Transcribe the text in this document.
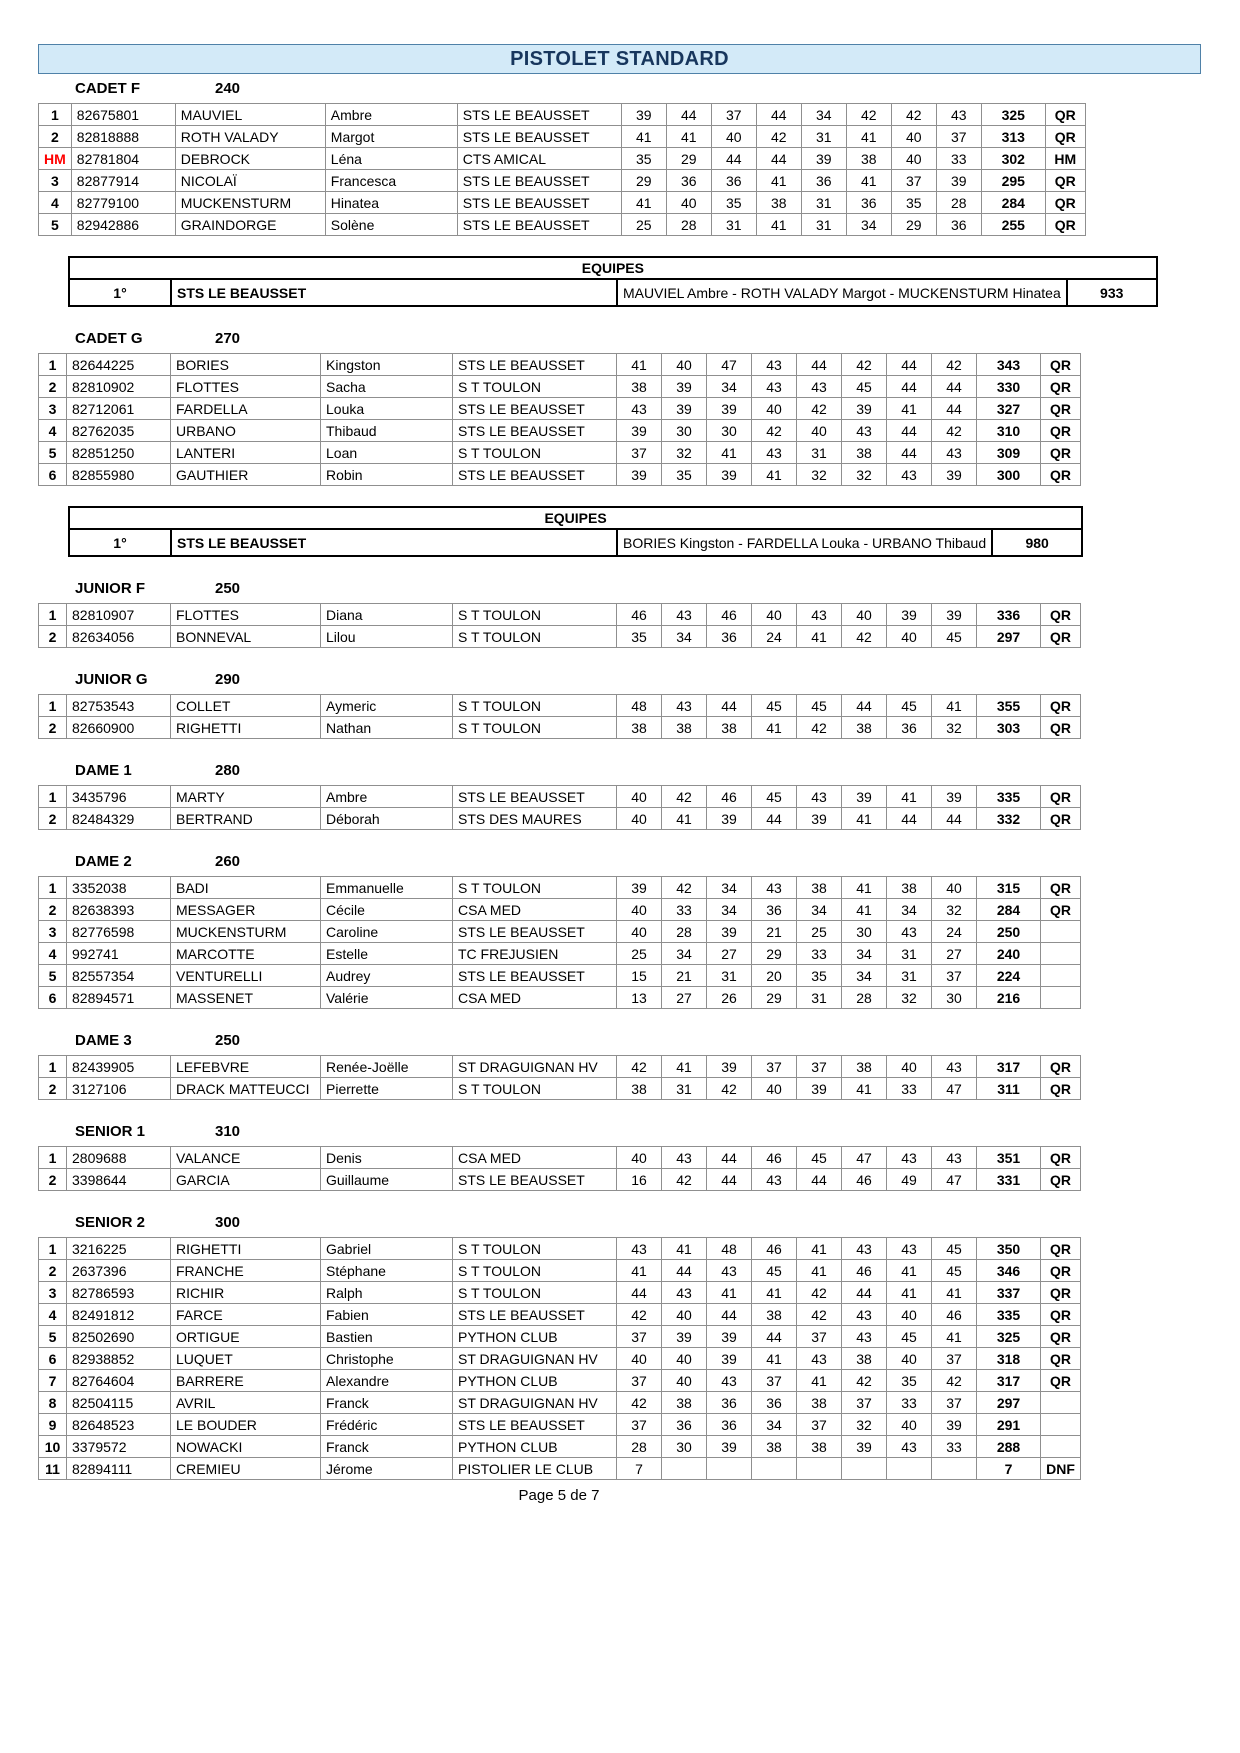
PISTOLET STANDARD
CADET F	240
1	82675801	MAUVIEL	Ambre	STS LE BEAUSSET	39	44	37	44	34	42	42	43	325	QR
2	82818888	ROTH VALADY	Margot	STS LE BEAUSSET	41	41	40	42	31	41	40	37	313	QR
HM	82781804	DEBROCK	Léna	CTS AMICAL	35	29	44	44	39	38	40	33	302	HM
3	82877914	NICOLAÏ	Francesca	STS LE BEAUSSET	29	36	36	41	36	41	37	39	295	QR
4	82779100	MUCKENSTURM	Hinatea	STS LE BEAUSSET	41	40	35	38	31	36	35	28	284	QR
5	82942886	GRAINDORGE	Solène	STS LE BEAUSSET	25	28	31	41	31	34	29	36	255	QR
EQUIPES
1°	STS LE BEAUSSET	MAUVIEL Ambre - ROTH VALADY Margot - MUCKENSTURM Hinatea	933
CADET G	270
1	82644225	BORIES	Kingston	STS LE BEAUSSET	41	40	47	43	44	42	44	42	343	QR
2	82810902	FLOTTES	Sacha	S T TOULON	38	39	34	43	43	45	44	44	330	QR
3	82712061	FARDELLA	Louka	STS LE BEAUSSET	43	39	39	40	42	39	41	44	327	QR
4	82762035	URBANO	Thibaud	STS LE BEAUSSET	39	30	30	42	40	43	44	42	310	QR
5	82851250	LANTERI	Loan	S T TOULON	37	32	41	43	31	38	44	43	309	QR
6	82855980	GAUTHIER	Robin	STS LE BEAUSSET	39	35	39	41	32	32	43	39	300	QR
EQUIPES
1°	STS LE BEAUSSET	BORIES Kingston - FARDELLA Louka - URBANO Thibaud	980
JUNIOR F	250
1	82810907	FLOTTES	Diana	S T TOULON	46	43	46	40	43	40	39	39	336	QR
2	82634056	BONNEVAL	Lilou	S T TOULON	35	34	36	24	41	42	40	45	297	QR
JUNIOR G	290
1	82753543	COLLET	Aymeric	S T TOULON	48	43	44	45	45	44	45	41	355	QR
2	82660900	RIGHETTI	Nathan	S T TOULON	38	38	38	41	42	38	36	32	303	QR
DAME 1	280
1	3435796	MARTY	Ambre	STS LE BEAUSSET	40	42	46	45	43	39	41	39	335	QR
2	82484329	BERTRAND	Déborah	STS DES MAURES	40	41	39	44	39	41	44	44	332	QR
DAME 2	260
1	3352038	BADI	Emmanuelle	S T TOULON	39	42	34	43	38	41	38	40	315	QR
2	82638393	MESSAGER	Cécile	CSA MED	40	33	34	36	34	41	34	32	284	QR
3	82776598	MUCKENSTURM	Caroline	STS LE BEAUSSET	40	28	39	21	25	30	43	24	250	
4	992741	MARCOTTE	Estelle	TC FREJUSIEN	25	34	27	29	33	34	31	27	240	
5	82557354	VENTURELLI	Audrey	STS LE BEAUSSET	15	21	31	20	35	34	31	37	224	
6	82894571	MASSENET	Valérie	CSA MED	13	27	26	29	31	28	32	30	216	
DAME 3	250
1	82439905	LEFEBVRE	Renée-Joëlle	ST DRAGUIGNAN HV	42	41	39	37	37	38	40	43	317	QR
2	3127106	DRACK MATTEUCCI	Pierrette	S T TOULON	38	31	42	40	39	41	33	47	311	QR
SENIOR 1	310
1	2809688	VALANCE	Denis	CSA MED	40	43	44	46	45	47	43	43	351	QR
2	3398644	GARCIA	Guillaume	STS LE BEAUSSET	16	42	44	43	44	46	49	47	331	QR
SENIOR 2	300
1	3216225	RIGHETTI	Gabriel	S T TOULON	43	41	48	46	41	43	43	45	350	QR
2	2637396	FRANCHE	Stéphane	S T TOULON	41	44	43	45	41	46	41	45	346	QR
3	82786593	RICHIR	Ralph	S T TOULON	44	43	41	41	42	44	41	41	337	QR
4	82491812	FARCE	Fabien	STS LE BEAUSSET	42	40	44	38	42	43	40	46	335	QR
5	82502690	ORTIGUE	Bastien	PYTHON CLUB	37	39	39	44	37	43	45	41	325	QR
6	82938852	LUQUET	Christophe	ST DRAGUIGNAN HV	40	40	39	41	43	38	40	37	318	QR
7	82764604	BARRERE	Alexandre	PYTHON CLUB	37	40	43	37	41	42	35	42	317	QR
8	82504115	AVRIL	Franck	ST DRAGUIGNAN HV	42	38	36	36	38	37	33	37	297	
9	82648523	LE BOUDER	Frédéric	STS LE BEAUSSET	37	36	36	34	37	32	40	39	291	
10	3379572	NOWACKI	Franck	PYTHON CLUB	28	30	39	38	38	39	43	33	288	
11	82894111	CREMIEU	Jérome	PISTOLIER LE CLUB	7								7	DNF
Page 5 de 7
